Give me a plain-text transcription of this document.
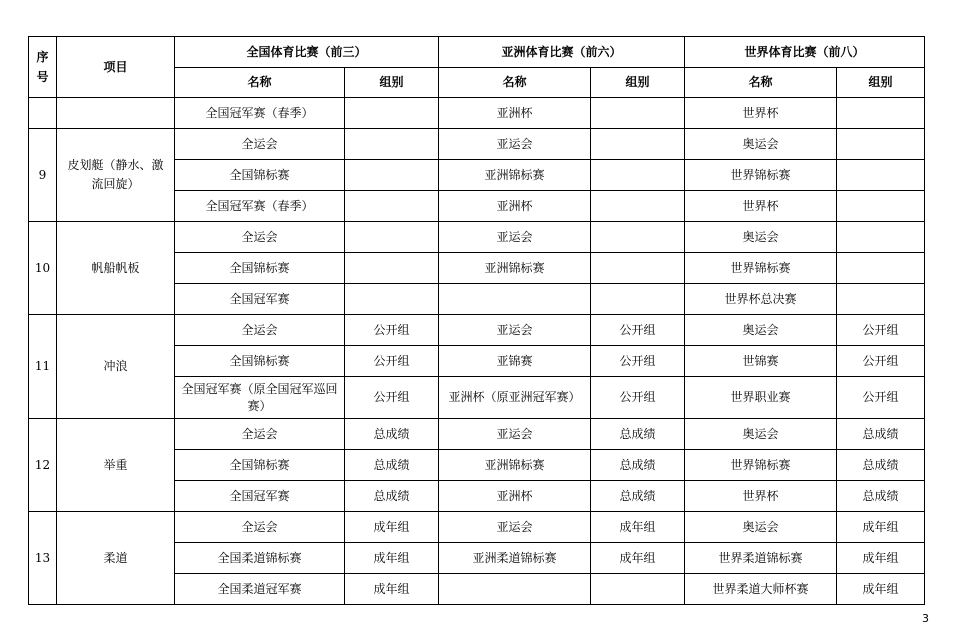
序号	项目	全国体育比赛（前三）		亚洲体育比赛（前六）		世界体育比赛（前八）	
		名称	组别	名称	组别	名称	组别
		全国冠军赛（春季）		亚洲杯		世界杯	
9	皮划艇（静水、激流回旋）	全运会		亚运会		奥运会	
		全国锦标赛		亚洲锦标赛		世界锦标赛	
		全国冠军赛（春季）		亚洲杯		世界杯	
10	帆船帆板	全运会		亚运会		奥运会	
		全国锦标赛		亚洲锦标赛		世界锦标赛	
		全国冠军赛				世界杯总决赛	
11	冲浪	全运会	公开组	亚运会	公开组	奥运会	公开组
		全国锦标赛	公开组	亚锦赛	公开组	世锦赛	公开组
		全国冠军赛（原全国冠军巡回赛）	公开组	亚洲杯（原亚洲冠军赛）	公开组	世界职业赛	公开组
12	举重	全运会	总成绩	亚运会	总成绩	奥运会	总成绩
		全国锦标赛	总成绩	亚洲锦标赛	总成绩	世界锦标赛	总成绩
		全国冠军赛	总成绩	亚洲杯	总成绩	世界杯	总成绩
13	柔道	全运会	成年组	亚运会	成年组	奥运会	成年组
		全国柔道锦标赛	成年组	亚洲柔道锦标赛	成年组	世界柔道锦标赛	成年组
		全国柔道冠军赛	成年组			世界柔道大师杯赛	成年组
3
